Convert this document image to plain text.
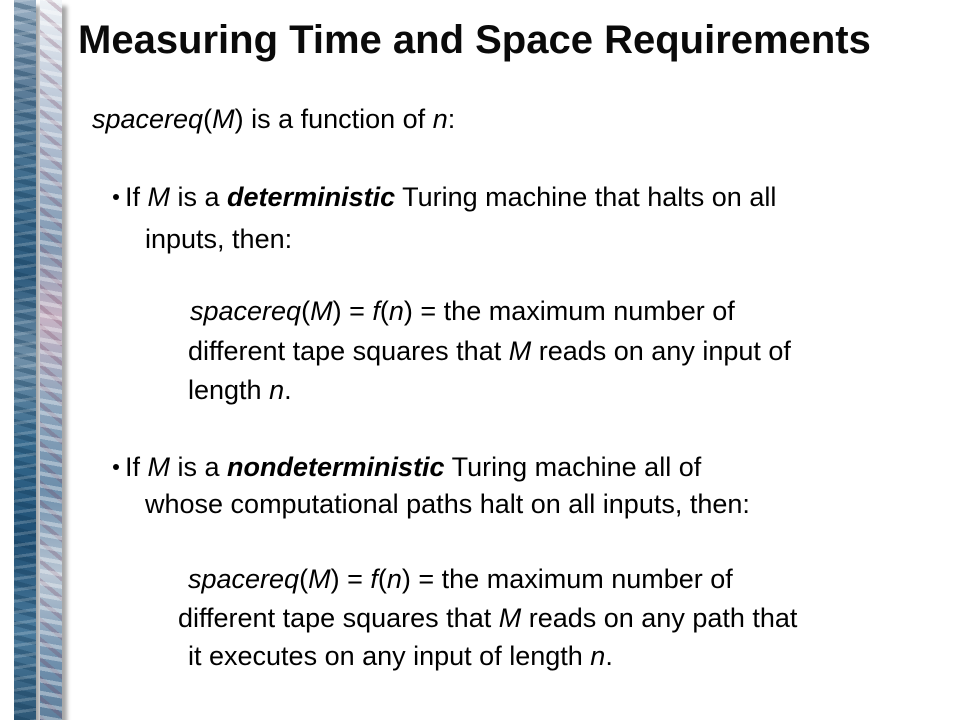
Measuring Time and Space Requirements
spacereq(M) is a function of n:
If M is a deterministic Turing machine that halts on all
inputs, then:
spacereq(M) = f(n) = the maximum number of
different tape squares that M reads on any input of
length n.
If M is a nondeterministic Turing machine all of
whose computational paths halt on all inputs, then:
spacereq(M) = f(n) = the maximum number of
different tape squares that M reads on any path that
it executes on any input of length n.
